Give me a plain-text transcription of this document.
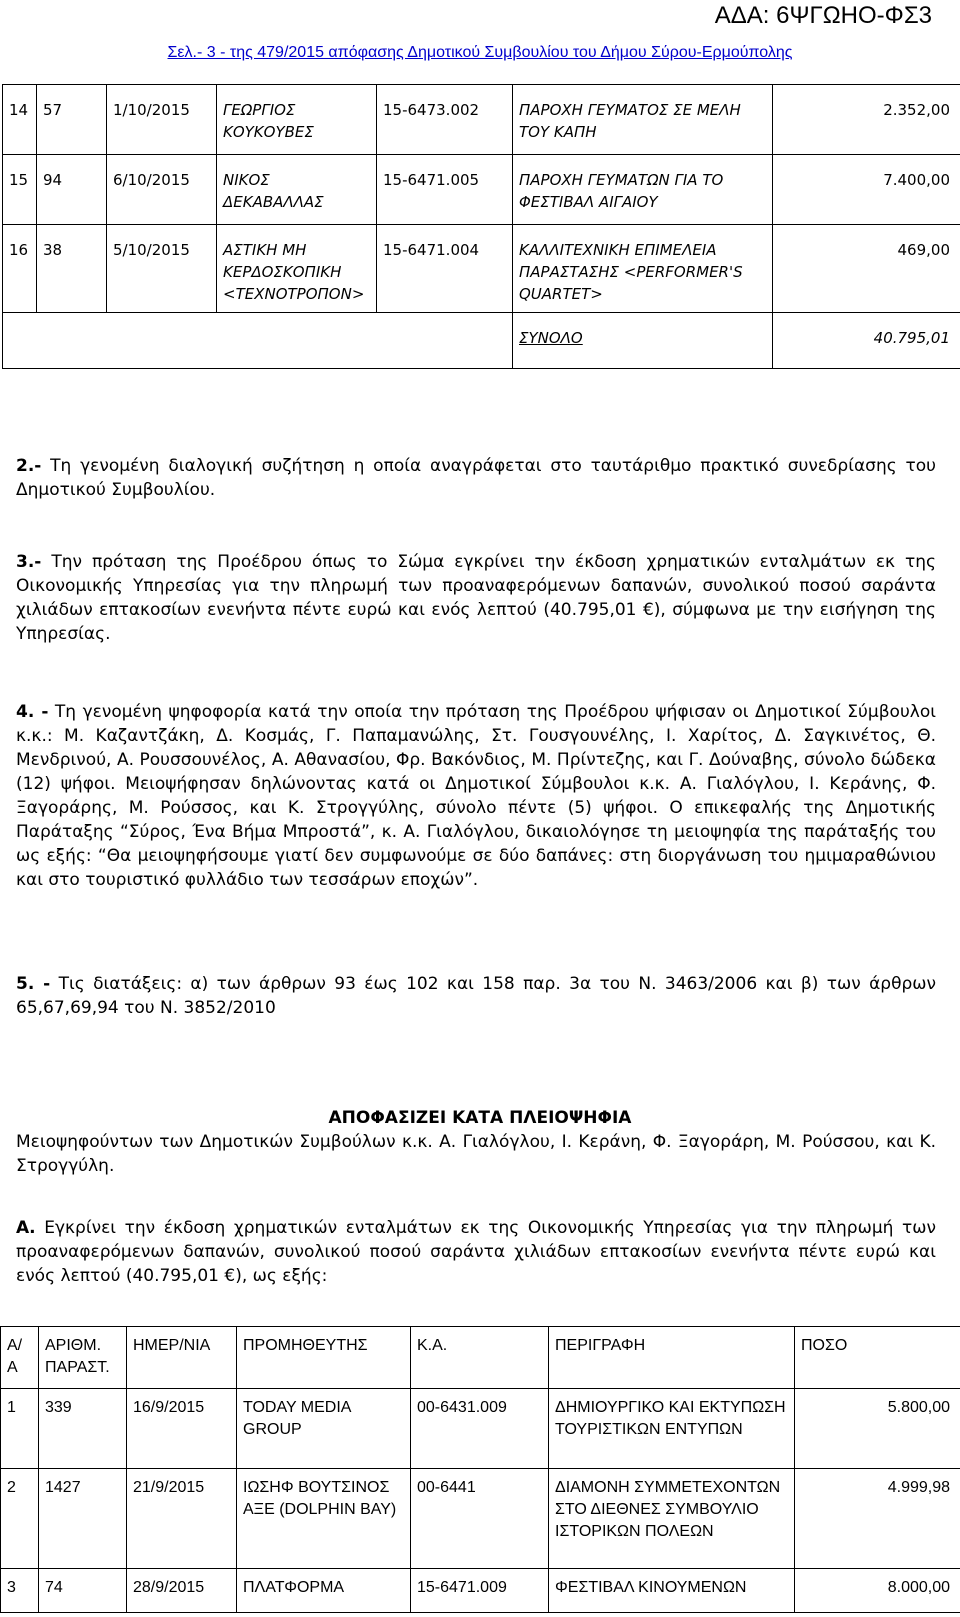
ΑΔΑ: 6ΨΓΩΗΟ-ΦΣ3
Σελ.- 3 - της 479/2015 απόφασης Δημοτικού Συμβουλίου του Δήμου Σύρου-Ερμούπολης
14	57	1/10/2015	ΓΕΩΡΓΙΟΣ ΚΟΥΚΟΥΒΕΣ	15-6473.002	ΠΑΡΟΧΗ ΓΕΥΜΑΤΟΣ ΣΕ ΜΕΛΗ ΤΟΥ ΚΑΠΗ	2.352,00
15	94	6/10/2015	ΝΙΚΟΣ ΔΕΚΑΒΑΛΛΑΣ	15-6471.005	ΠΑΡΟΧΗ ΓΕΥΜΑΤΩΝ ΓΙΑ ΤΟ ΦΕΣΤΙΒΑΛ ΑΙΓΑΙΟΥ	7.400,00
16	38	5/10/2015	ΑΣΤΙΚΗ ΜΗ ΚΕΡΔΟΣΚΟΠΙΚΗ <ΤΕΧΝΟΤΡΟΠΟΝ>	15-6471.004	ΚΑΛΛΙΤΕΧΝΙΚΗ ΕΠΙΜΕΛΕΙΑ ΠΑΡΑΣΤΑΣΗΣ <PERFORMER'S QUARTET>	469,00
					ΣΥΝΟΛΟ	40.795,01
2.- Τη γενομένη διαλογική συζήτηση η οποία αναγράφεται στο ταυτάριθμο πρακτικό συνεδρίασης του Δημοτικού Συμβουλίου.
3.- Την πρόταση της Προέδρου όπως το Σώμα εγκρίνει την έκδοση χρηματικών ενταλμάτων εκ της Οικονομικής Υπηρεσίας για την πληρωμή των προαναφερόμενων δαπανών, συνολικού ποσού σαράντα χιλιάδων επτακοσίων ενενήντα πέντε ευρώ και ενός λεπτού (40.795,01 €), σύμφωνα με την εισήγηση της Υπηρεσίας.
4. - Τη γενομένη ψηφοφορία κατά την οποία την πρόταση της Προέδρου ψήφισαν οι Δημοτικοί Σύμβουλοι κ.κ.: Μ. Καζαντζάκη, Δ. Κοσμάς, Γ. Παπαμανώλης, Στ. Γουσγουνέλης, Ι. Χαρίτος, Δ. Σαγκινέτος, Θ. Μενδρινού, Α. Ρουσσουνέλος, Α. Αθανασίου, Φρ. Βακόνδιος, Μ. Πρίντεζης, και Γ. Δούναβης, σύνολο δώδεκα (12) ψήφοι. Μειοψήφησαν δηλώνοντας κατά οι Δημοτικοί Σύμβουλοι κ.κ. Α. Γιαλόγλου, Ι. Κεράνης, Φ. Ξαγοράρης, Μ. Ρούσσος, και Κ. Στρογγύλης, σύνολο πέντε (5) ψήφοι. Ο επικεφαλής της Δημοτικής Παράταξης “Σύρος, Ένα Βήμα Μπροστά”, κ. Α. Γιαλόγλου, δικαιολόγησε τη μειοψηφία της παράταξής του ως εξής: “Θα μειοψηφήσουμε γιατί δεν συμφωνούμε σε δύο δαπάνες: στη διοργάνωση του ημιμαραθώνιου και στο τουριστικό φυλλάδιο των τεσσάρων εποχών”.
5. - Τις διατάξεις: α) των άρθρων 93 έως 102 και 158 παρ. 3α του Ν. 3463/2006 και β) των άρθρων 65,67,69,94 του Ν. 3852/2010
ΑΠΟΦΑΣΙΖΕΙ ΚΑΤΑ ΠΛΕΙΟΨΗΦΙΑ
Μειοψηφούντων των Δημοτικών Συμβούλων κ.κ. Α. Γιαλόγλου, Ι. Κεράνη, Φ. Ξαγοράρη, Μ. Ρούσσου, και Κ. Στρογγύλη.
Α. Εγκρίνει την έκδοση χρηματικών ενταλμάτων εκ της Οικονομικής Υπηρεσίας για την πληρωμή των προαναφερόμενων δαπανών, συνολικού ποσού σαράντα χιλιάδων επτακοσίων ενενήντα πέντε ευρώ και ενός λεπτού (40.795,01 €), ως εξής:
Α/ Α	ΑΡΙΘΜ. ΠΑΡΑΣΤ.	ΗΜΕΡ/ΝΙΑ	ΠΡΟΜΗΘΕΥΤΗΣ	Κ.Α.	ΠΕΡΙΓΡΑΦΗ	ΠΟΣΟ
1	339	16/9/2015	TODAY MEDIA GROUP	00-6431.009	ΔΗΜΙΟΥΡΓΙΚΟ ΚΑΙ ΕΚΤΥΠΩΣΗ ΤΟΥΡΙΣΤΙΚΩΝ ΕΝΤΥΠΩΝ	5.800,00
2	1427	21/9/2015	ΙΩΣΗΦ ΒΟΥΤΣΙΝΟΣ ΑΞΕ (DOLPHIN BAY)	00-6441	ΔΙΑΜΟΝΗ ΣΥΜΜΕΤΕΧΟΝΤΩΝ ΣΤΟ ΔΙΕΘΝΕΣ ΣΥΜΒΟΥΛΙΟ ΙΣΤΟΡΙΚΩΝ ΠΟΛΕΩΝ	4.999,98
3	74	28/9/2015	ΠΛΑΤΦΟΡΜΑ	15-6471.009	ΦΕΣΤΙΒΑΛ ΚΙΝΟΥΜΕΝΩΝ	8.000,00
